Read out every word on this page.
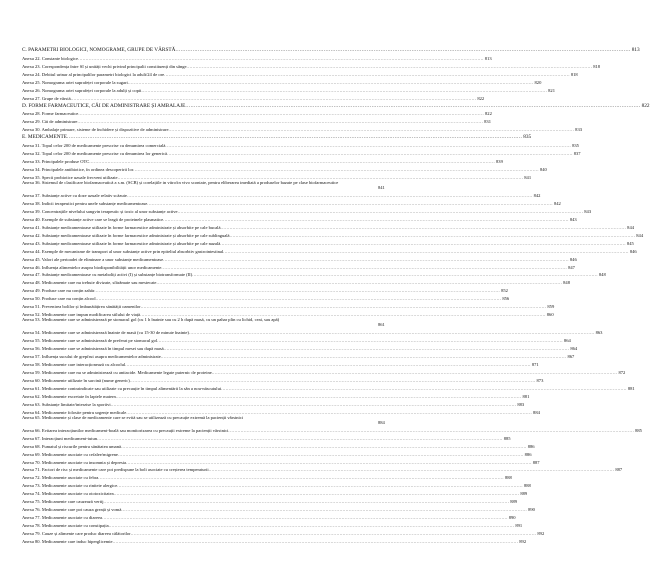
C. PARAMETRI BIOLOGICI, NOMOGRAME, GRUPE DE VÂRSTĂ .....	813
Anexa 22. Constante biologice .....	813
Anexa 23. Corespondența între SI și unități vechi privind principalii constituenți din sânge .....	818
Anexa 24. Debitul urinar al principalilor parametri biologici la adult/24 de ore .....	818
Anexa 25. Nomograma ariei suprafeței corporale la sugari .....	820
Anexa 26. Nomograma ariei suprafeței corporale la adulți și copii .....	821
Anexa 27. Grupe de vârstă .....	822
D. FORME FARMACEUTICE, CĂI DE ADMINISTRARE ȘI AMBALAJE .....	822
Anexa 28. Forme farmaceutice .....	822
Anexa 29. Căi de administrare .....	831
Anexa 30. Ambalaje primare, sisteme de închidere și dispozitive de administrare .....	833
E. MEDICAMENTE .....	835
Anexa 31. Topul celor 200 de medicamente prescrise cu denumirea comercială .....	835
Anexa 32. Topul celor 200 de medicamente prescrise cu denumirea lor generică .....	837
Anexa 33. Principalele produse OTC .....	839
Anexa 34. Principalele antibiotice, în ordinea descoperirii lor .....	840
Anexa 35. Specii probiotice uzuale frecvent utilizate .....	841
Anexa 36. Sistemul de clasificare biofarmaceutică a s.m. (SCB) și corelațiile in vitro/in vivo scontate, pentru eliberarea imediată a produselor bazate pe clase biofarmaceutice
841
Anexa 37. Substanțe active cu doze uzuale relativ scăzute .....	842
Anexa 38. Indicii terapeutici pentru unele substanțe medicamentoase .....	842
Anexa 39. Concentrațiile nivelului sangvin terapeutic și toxic al unor substanțe active .....	843
Anexa 40. Exemple de substanțe active care se leagă de proteinele plasmatice .....	843
Anexa 41. Substanțe medicamentoase utilizate în forme farmaceutice administrate și absorbite pe cale bucală .....	844
Anexa 42. Substanțe medicamentoase utilizate în forme farmaceutice administrate și absorbite pe cale sublinguală .....	844
Anexa 43. Substanțe medicamentoase utilizate în forme farmaceutice administrate și absorbite pe cale nazală .....	845
Anexa 44. Exemple de mecanisme de transport al unor substanțe active prin epiteliul absorbtiv gastrointestinal .....	846
Anexa 45. Valori ale perioadei de eliminare a unor substanțe medicamentoase .....	846
Anexa 46. Influența alimentelor asupra biodisponibilității unor medicamente .....	847
Anexa 47. Substanțe medicamentoase cu metaboliți activi (I) și substanțe biotransformate (II) .....	848
Anexa 48. Medicamente care nu trebuie divizate, sfărâmate sau mestecate .....	848
Anexa 49. Produse care nu conțin zahăr .....	852
Anexa 50. Produse care nu conțin alcool .....	856
Anexa 51. Prevenirea bolilor și îmbunătățirea sănătății oamenilor .....	859
Anexa 52. Medicamente care impun modificarea stilului de viață .....	860
Anexa 53. Medicamente care se administrează pe stomacul gol (cu 1 h înainte sau cu 2 h după masă, cu un pahar plin cu lichid, ceai, sau apă)
861
Anexa 54. Medicamente care se administrează înainte de masă (cu 15-30 de minute înainte) .....	863
Anexa 55. Medicamente care se administrează de preferat pe stomacul gol .....	864
Anexa 56. Medicamente care se administrează în timpul mesei sau după masă .....	864
Anexa 57. Influența sucului de grepfrut asupra medicamentelor administrate .....	867
Anexa 58. Medicamente care interacționează cu alcoolul .....	871
Anexa 59. Medicamente care nu se administrează cu antiacide. Medicamente legate puternic de proteine .....	872
Anexa 60. Medicamente utilizate în sarcină (nume generic) .....	873
Anexa 61. Medicamente contraindicate sau utilizate cu precauție în timpul alimentării la sân a nou-născutului .....	881
Anexa 62. Medicamente excretate în laptele matern .....	881
Anexa 63. Substanțe limitate/interzise la sportivi .....	883
Anexa 64. Medicamente folosite pentru urgențe medicale .....	884
Anexa 65. Medicamente și clase de medicamente care se evită sau se utilizează cu precauție extremă la pacienții vârstnici
884
Anexa 66. Evitarea interacțiunilor medicament-boală sau monitorizarea cu precauții extreme la pacienții vârstnici .....	885
Anexa 67. Interacțiuni medicament-tutun .....	885
Anexa 68. Fumatul și riscurile pentru sănătatea umană .....	886
Anexa 69. Medicamente asociate cu cefalee/migrene .....	886
Anexa 70. Medicamente asociate cu insomnia și depresia .....	887
Anexa 71. Factori de risc și medicamente care pot predispune la boli asociate cu creșterea temperaturii .....	887
Anexa 72. Medicamente asociate cu febra .....	888
Anexa 73. Medicamente asociate cu riniteie alergice .....	888
Anexa 74. Medicamente asociate cu ototoxicitatea .....	889
Anexa 75. Medicamente care cauzează vertij .....	889
Anexa 76. Medicamente care pot cauza greață și vomă .....	890
Anexa 77. Medicamente asociate cu diareea .....	890
Anexa 78. Medicamente asociate cu constipația .....	891
Anexa 79. Cauze și alimente care produc diareea călătorilor .....	892
Anexa 80. Medicamente care induc hiperglicemie .....	892
